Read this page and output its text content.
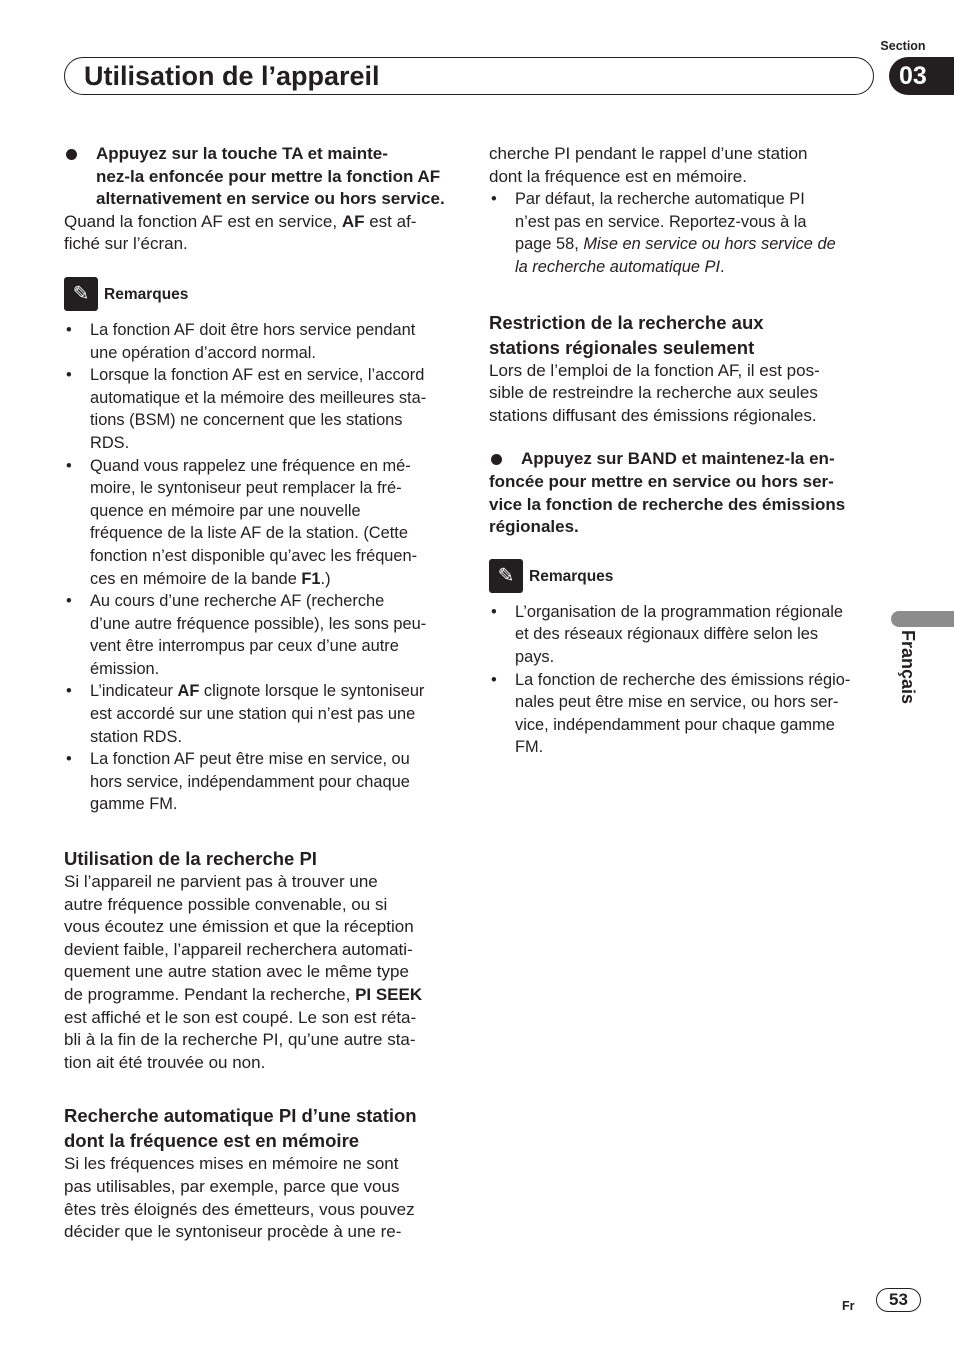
Section
Utilisation de l’appareil	03
Français
Appuyez sur la touche TA et mainte-
nez-la enfoncée pour mettre la fonction AF
alternativement en service ou hors service.
Quand la fonction AF est en service, AF est af-
fiché sur l’écran.
✎ Remarques
• La fonction AF doit être hors service pendant
une opération d’accord normal.
• Lorsque la fonction AF est en service, l’accord
automatique et la mémoire des meilleures sta-
tions (BSM) ne concernent que les stations
RDS.
• Quand vous rappelez une fréquence en mé-
moire, le syntoniseur peut remplacer la fré-
quence en mémoire par une nouvelle
fréquence de la liste AF de la station. (Cette
fonction n’est disponible qu’avec les fréquen-
ces en mémoire de la bande F1.)
• Au cours d’une recherche AF (recherche
d’une autre fréquence possible), les sons peu-
vent être interrompus par ceux d’une autre
émission.
• L’indicateur AF clignote lorsque le syntoniseur
est accordé sur une station qui n’est pas une
station RDS.
• La fonction AF peut être mise en service, ou
hors service, indépendamment pour chaque
gamme FM.
Utilisation de la recherche PI
Si l’appareil ne parvient pas à trouver une
autre fréquence possible convenable, ou si
vous écoutez une émission et que la réception
devient faible, l’appareil recherchera automati-
quement une autre station avec le même type
de programme. Pendant la recherche, PI SEEK
est affiché et le son est coupé. Le son est réta-
bli à la fin de la recherche PI, qu’une autre sta-
tion ait été trouvée ou non.
Recherche automatique PI d’une station
dont la fréquence est en mémoire
Si les fréquences mises en mémoire ne sont
pas utilisables, par exemple, parce que vous
êtes très éloignés des émetteurs, vous pouvez
décider que le syntoniseur procède à une re-
cherche PI pendant le rappel d’une station
dont la fréquence est en mémoire.
• Par défaut, la recherche automatique PI
n’est pas en service. Reportez-vous à la
page 58, Mise en service ou hors service de
la recherche automatique PI.
Restriction de la recherche aux
stations régionales seulement
Lors de l’emploi de la fonction AF, il est pos-
sible de restreindre la recherche aux seules
stations diffusant des émissions régionales.
Appuyez sur BAND et maintenez-la en-
foncée pour mettre en service ou hors ser-
vice la fonction de recherche des émissions
régionales.
✎ Remarques
• L’organisation de la programmation régionale
et des réseaux régionaux diffère selon les
pays.
• La fonction de recherche des émissions régio-
nales peut être mise en service, ou hors ser-
vice, indépendamment pour chaque gamme
FM.
Fr	53
